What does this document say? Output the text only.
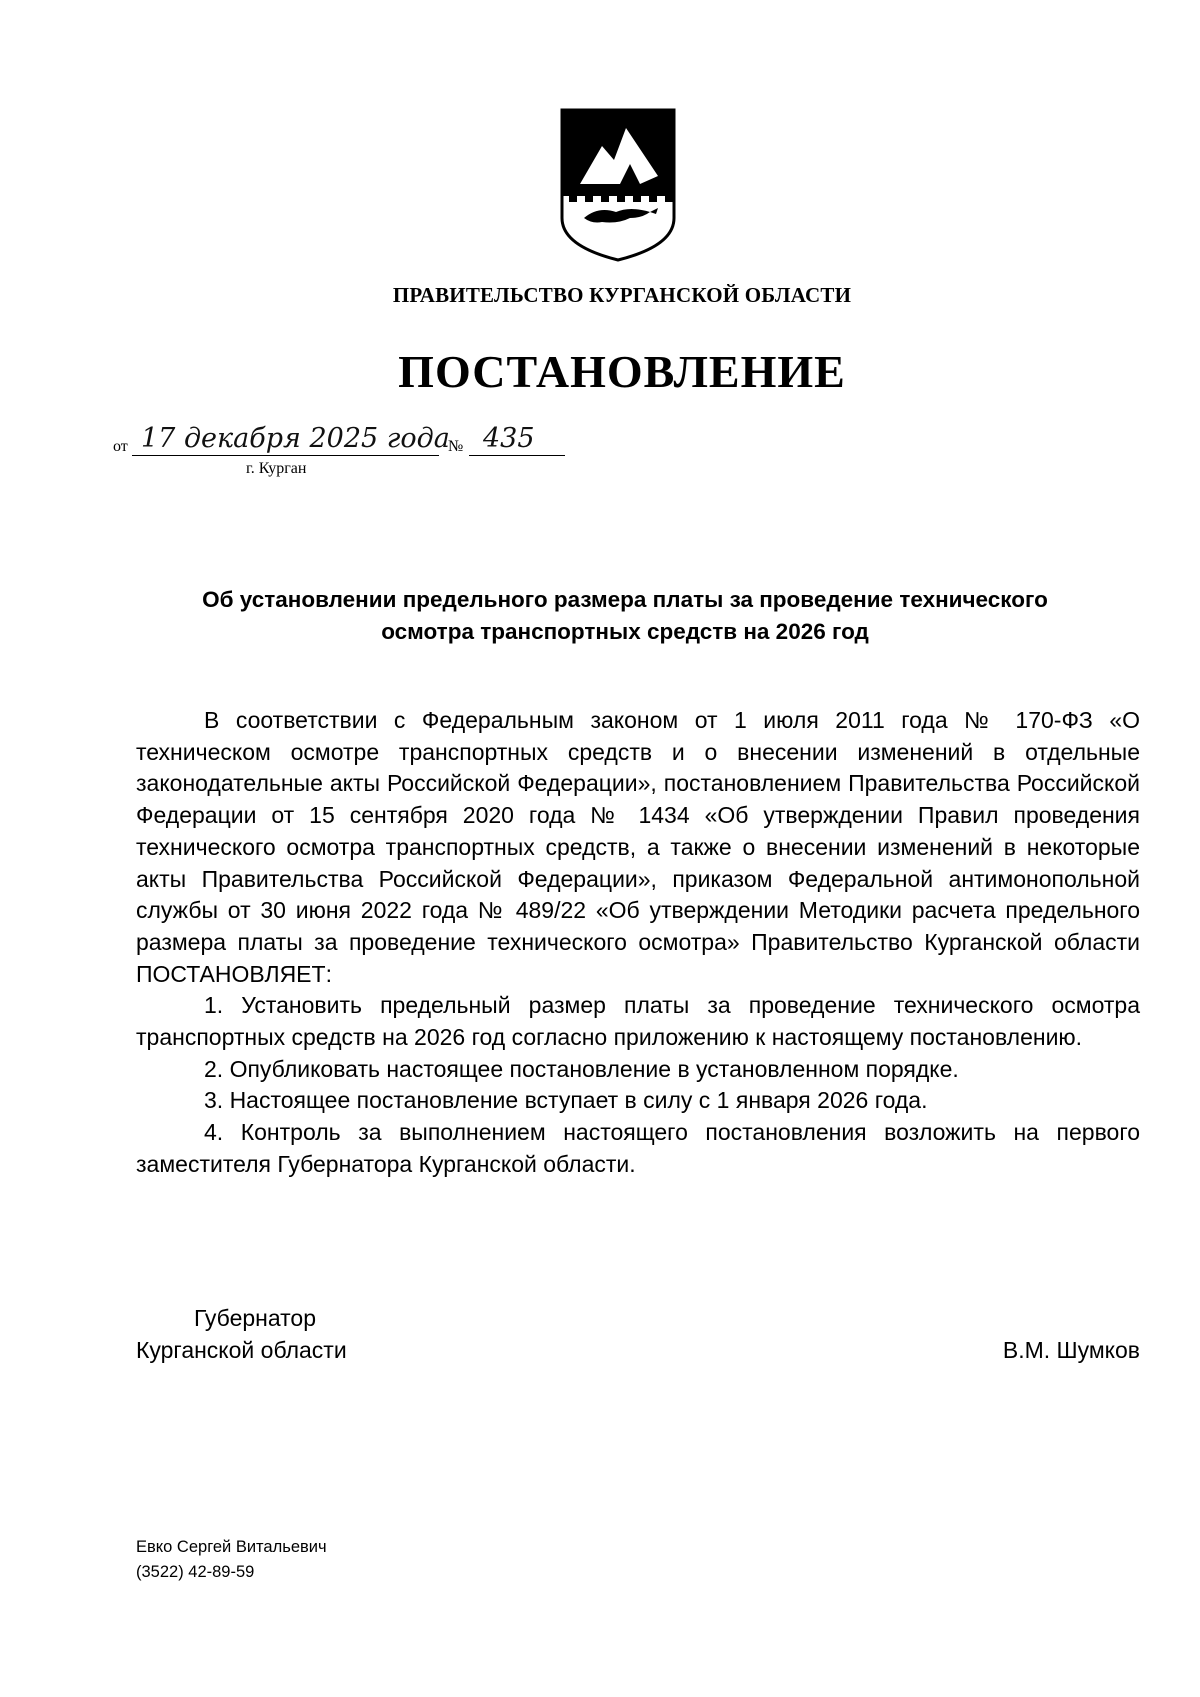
ПРАВИТЕЛЬСТВО КУРГАНСКОЙ ОБЛАСТИ
ПОСТАНОВЛЕНИЕ
от 17 декабря 2025 года
№ 435
г. Курган
Об установлении предельного размера платы за проведение технического
осмотра транспортных средств на 2026 год

В соответствии с Федеральным законом от 1 июля 2011 года № 170-ФЗ «О техническом осмотре транспортных средств и о внесении изменений в отдельные законодательные акты Российской Федерации», постановлением Правительства Российской Федерации от 15 сентября 2020 года № 1434 «Об утверждении Правил проведения технического осмотра транспортных средств, а также о внесении изменений в некоторые акты Правительства Российской Федерации», приказом Федеральной антимонопольной службы от 30 июня 2022 года № 489/22 «Об утверждении Методики расчета предельного размера платы за проведение технического осмотра» Правительство Курганской области ПОСТАНОВЛЯЕТ:

1. Установить предельный размер платы за проведение технического осмотра транспортных средств на 2026 год согласно приложению к настоящему постановлению.

2. Опубликовать настоящее постановление в установленном порядке.

3. Настоящее постановление вступает в силу с 1 января 2026 года.

4. Контроль за выполнением настоящего постановления возложить на первого заместителя Губернатора Курганской области.

Губернатор
Курганской области	В.М. Шумков
Евко Сергей Витальевич
(3522) 42-89-59
